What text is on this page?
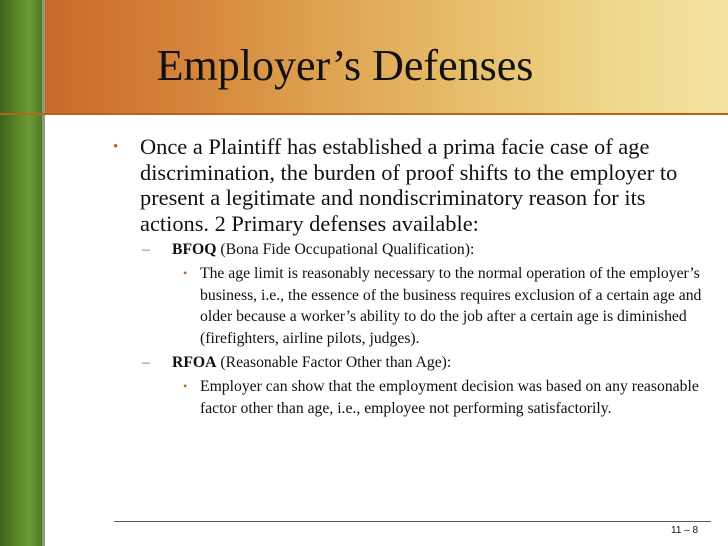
Employer’s Defenses
• Once a Plaintiff has established a prima facie case of age discrimination, the burden of proof shifts to the employer to present a legitimate and nondiscriminatory reason for its actions. 2 Primary defenses available:
– BFOQ (Bona Fide Occupational Qualification):
• The age limit is reasonably necessary to the normal operation of the employer’s business, i.e., the essence of the business requires exclusion of a certain age and older because a worker’s ability to do the job after a certain age is diminished (firefighters, airline pilots, judges).
– RFOA (Reasonable Factor Other than Age):
• Employer can show that the employment decision was based on any reasonable factor other than age, i.e., employee not performing satisfactorily.
11 – 8
